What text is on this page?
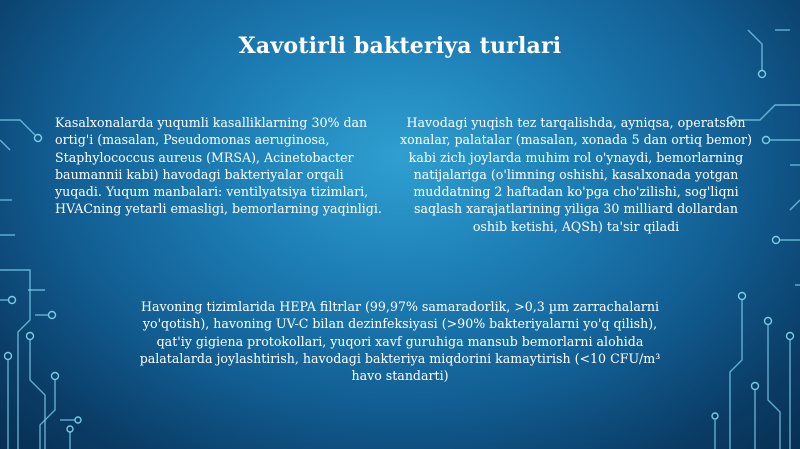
Xavotirli bakteriya turlari
Kasalxonalarda yuqumli kasalliklarning 30% dan ortig'i (masalan, Pseudomonas aeruginosa, Staphylococcus aureus (MRSA), Acinetobacter baumannii kabi) havodagi bakteriyalar orqali yuqadi. Yuqum manbalari: ventilyatsiya tizimlari, HVACning yetarli emasligi, bemorlarning yaqinligi.
Havodagi yuqish tez tarqalishda, ayniqsa, operatsion xonalar, palatalar (masalan, xonada 5 dan ortiq bemor) kabi zich joylarda muhim rol o'ynaydi, bemorlarning natijalariga (o'limning oshishi, kasalxonada yotgan muddatning 2 haftadan ko'pga cho'zilishi, sog'liqni saqlash xarajatlarining yiliga 30 milliard dollardan oshib ketishi, AQSh) ta'sir qiladi
Havoning tizimlarida HEPA filtrlar (99,97% samaradorlik, >0,3 µm zarrachalarni yo'qotish), havoning UV-C bilan dezinfeksiyasi (>90% bakteriyalarni yo'q qilish), qat'iy gigiena protokollari, yuqori xavf guruhiga mansub bemorlarni alohida palatalarda joylashtirish, havodagi bakteriya miqdorini kamaytirish (<10 CFU/m³ havo standarti)
